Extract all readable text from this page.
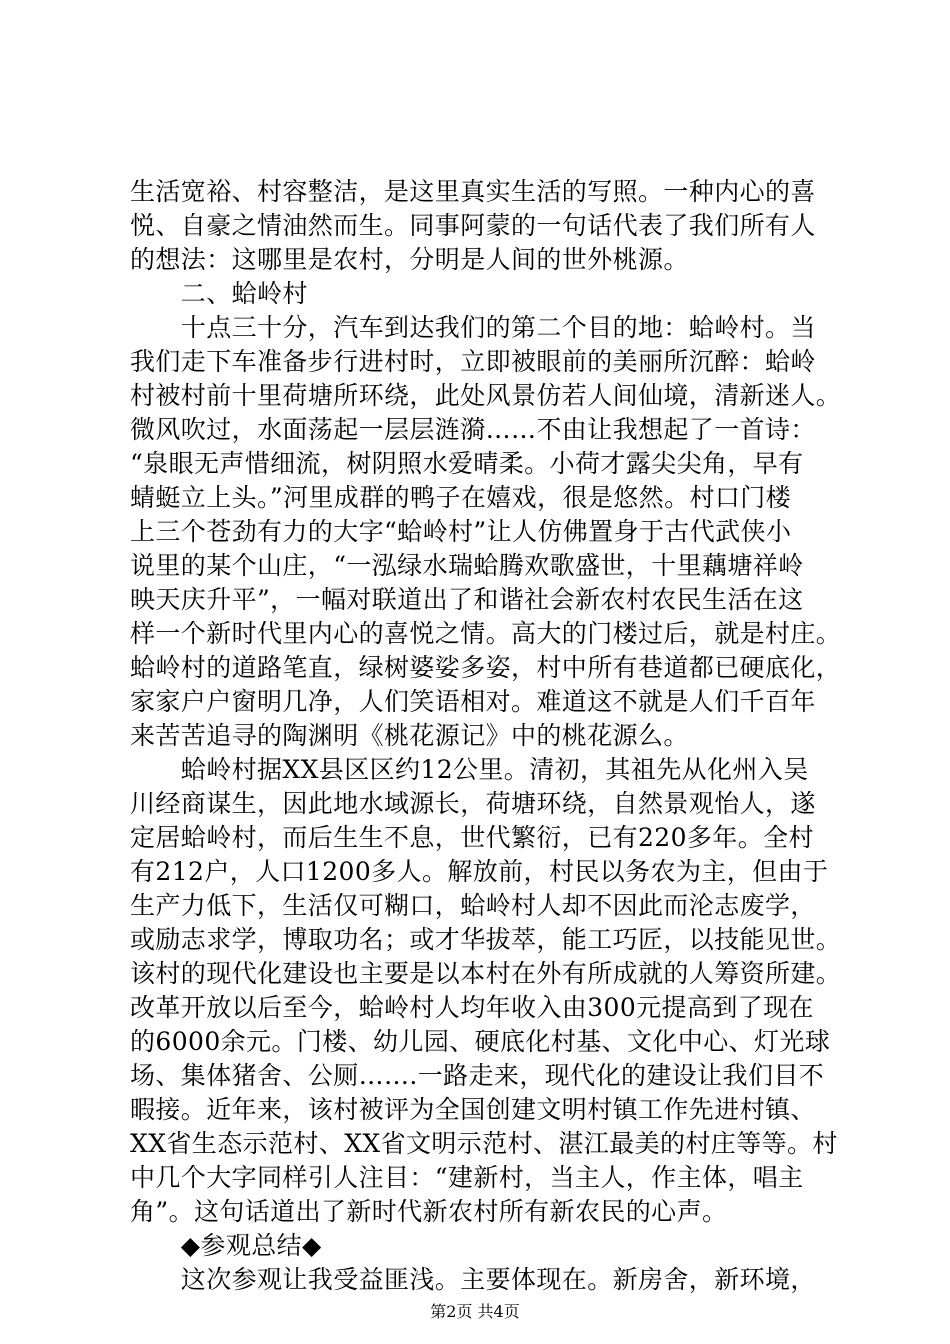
生活宽裕、村容整洁，是这里真实生活的写照。一种内心的喜
悦、自豪之情油然而生。同事阿蒙的一句话代表了我们所有人
的想法：这哪里是农村，分明是人间的世外桃源。
　　二、蛤岭村
　　十点三十分，汽车到达我们的第二个目的地：蛤岭村。当
我们走下车准备步行进村时，立即被眼前的美丽所沉醉：蛤岭
村被村前十里荷塘所环绕，此处风景仿若人间仙境，清新迷人。
微风吹过，水面荡起一层层涟漪……不由让我想起了一首诗：
“泉眼无声惜细流，树阴照水爱晴柔。小荷才露尖尖角，早有
蜻蜓立上头。”河里成群的鸭子在嬉戏，很是悠然。村口门楼
上三个苍劲有力的大字“蛤岭村”让人仿佛置身于古代武侠小
说里的某个山庄，“一泓绿水瑞蛤腾欢歌盛世，十里藕塘祥岭
映天庆升平”，一幅对联道出了和谐社会新农村农民生活在这
样一个新时代里内心的喜悦之情。高大的门楼过后，就是村庄。
蛤岭村的道路笔直，绿树婆娑多姿，村中所有巷道都已硬底化，
家家户户窗明几净，人们笑语相对。难道这不就是人们千百年
来苦苦追寻的陶渊明《桃花源记》中的桃花源么。
　　蛤岭村据XX县区区约12公里。清初，其祖先从化州入吴
川经商谋生，因此地水域源长，荷塘环绕，自然景观怡人，遂
定居蛤岭村，而后生生不息，世代繁衍，已有220多年。全村
有212户，人口1200多人。解放前，村民以务农为主，但由于
生产力低下，生活仅可糊口，蛤岭村人却不因此而沦志废学，
或励志求学，博取功名；或才华拔萃，能工巧匠，以技能见世。
该村的现代化建设也主要是以本村在外有所成就的人筹资所建。
改革开放以后至今，蛤岭村人均年收入由300元提高到了现在
的6000余元。门楼、幼儿园、硬底化村基、文化中心、灯光球
场、集体猪舍、公厕…….一路走来，现代化的建设让我们目不
暇接。近年来，该村被评为全国创建文明村镇工作先进村镇、
XX省生态示范村、XX省文明示范村、湛江最美的村庄等等。村
中几个大字同样引人注目：“建新村，当主人，作主体，唱主
角”。这句话道出了新时代新农村所有新农民的心声。
　　◆参观总结◆
　　这次参观让我受益匪浅。主要体现在。新房舍，新环境，
第2页 共4页
